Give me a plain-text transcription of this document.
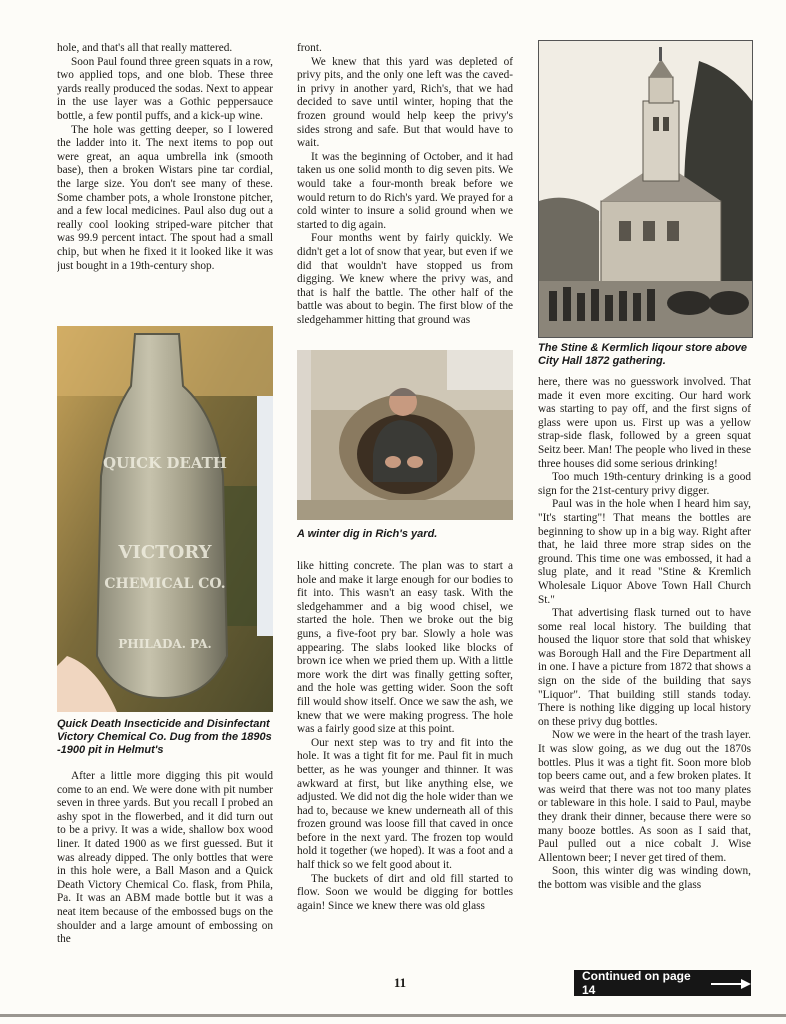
hole, and that's all that really mattered.

Soon Paul found three green squats in a row, two applied tops, and one blob. These three yards really produced the sodas. Next to appear in the use layer was a Gothic peppersauce bottle, a few pontil puffs, and a kick-up wine.

The hole was getting deeper, so I lowered the ladder into it. The next items to pop out were great, an aqua umbrella ink (smooth base), then a broken Wistars pine tar cordial, the large size. You don't see many of these. Some chamber pots, a whole Ironstone pitcher, and a few local medicines. Paul also dug out a really cool looking striped-ware pitcher that was 99.9 percent intact. The spout had a small chip, but when he fixed it it looked like it was just bought in a 19th-century shop.

QUICK DEATH
VICTORY
CHEMICAL CO.
PHILADA. PA.

Quick Death Insecticide and Disinfectant Victory Chemical Co. Dug from the 1890s -1900 pit in Helmut's

After a little more digging this pit would come to an end. We were done with pit number seven in three yards. But you recall I probed an ashy spot in the flowerbed, and it did turn out to be a privy. It was a wide, shallow box wood liner. It dated 1900 as we first guessed. But it was already dipped. The only bottles that were in this hole were, a Ball Mason and a Quick Death Victory Chemical Co. flask, from Phila, Pa. It was an ABM made bottle but it was a neat item because of the embossed bugs on the shoulder and a large amount of embossing on the

front.

We knew that this yard was depleted of privy pits, and the only one left was the caved-in privy in another yard, Rich's, that we had decided to save until winter, hoping that the frozen ground would help keep the privy's sides strong and safe. But that would have to wait.

It was the beginning of October, and it had taken us one solid month to dig seven pits. We would take a four-month break before we would return to do Rich's yard. We prayed for a cold winter to insure a solid ground when we started to dig again.

Four months went by fairly quickly. We didn't get a lot of snow that year, but even if we did that wouldn't have stopped us from digging. We knew where the privy was, and that is half the battle. The other half of the battle was about to begin. The first blow of the sledgehammer hitting that ground was

A winter dig in Rich's yard.

like hitting concrete. The plan was to start a hole and make it large enough for our bodies to fit into. This wasn't an easy task. With the sledgehammer and a big wood chisel, we started the hole. Then we broke out the big guns, a five-foot pry bar. Slowly a hole was appearing. The slabs looked like blocks of brown ice when we pried them up. With a little more work the dirt was finally getting softer, and the hole was getting wider. Soon the soft fill would show itself. Once we saw the ash, we knew that we were making progress. The hole was a fairly good size at this point.

Our next step was to try and fit into the hole. It was a tight fit for me. Paul fit in much better, as he was younger and thinner. It was awkward at first, but like anything else, we adjusted. We did not dig the hole wider than we had to, because we knew underneath all of this frozen ground was loose fill that caved in once before in the next yard. The frozen top would hold it together (we hoped). It was a foot and a half thick so we felt good about it.

The buckets of dirt and old fill started to flow. Soon we would be digging for bottles again! Since we knew there was old glass

The Stine & Kermlich liqour store above City Hall 1872 gathering.

here, there was no guesswork involved. That made it even more exciting. Our hard work was starting to pay off, and the first signs of glass were upon us. First up was a yellow strap-side flask, followed by a green squat Seitz beer. Man! The people who lived in these three houses did some serious drinking!

Too much 19th-century drinking is a good sign for the 21st-century privy digger.

Paul was in the hole when I heard him say, "It's starting"! That means the bottles are beginning to show up in a big way. Right after that, he laid three more strap sides on the ground. This time one was embossed, it had a slug plate, and it read "Stine & Kremlich Wholesale Liquor Above Town Hall Church St."

That advertising flask turned out to have some real local history. The building that housed the liquor store that sold that whiskey was Borough Hall and the Fire Department all in one. I have a picture from 1872 that shows a sign on the side of the building that says "Liquor". That building still stands today. There is nothing like digging up local history on these privy dug bottles.

Now we were in the heart of the trash layer. It was slow going, as we dug out the 1870s bottles. Plus it was a tight fit. Soon more blob top beers came out, and a few broken plates. It was weird that there was not too many plates or tableware in this hole. I said to Paul, maybe they drank their dinner, because there were so many booze bottles. As soon as I said that, Paul pulled out a nice cobalt J. Wise Allentown beer; I never get tired of them.

Soon, this winter dig was winding down, the bottom was visible and the glass

11	Continued on page 14
